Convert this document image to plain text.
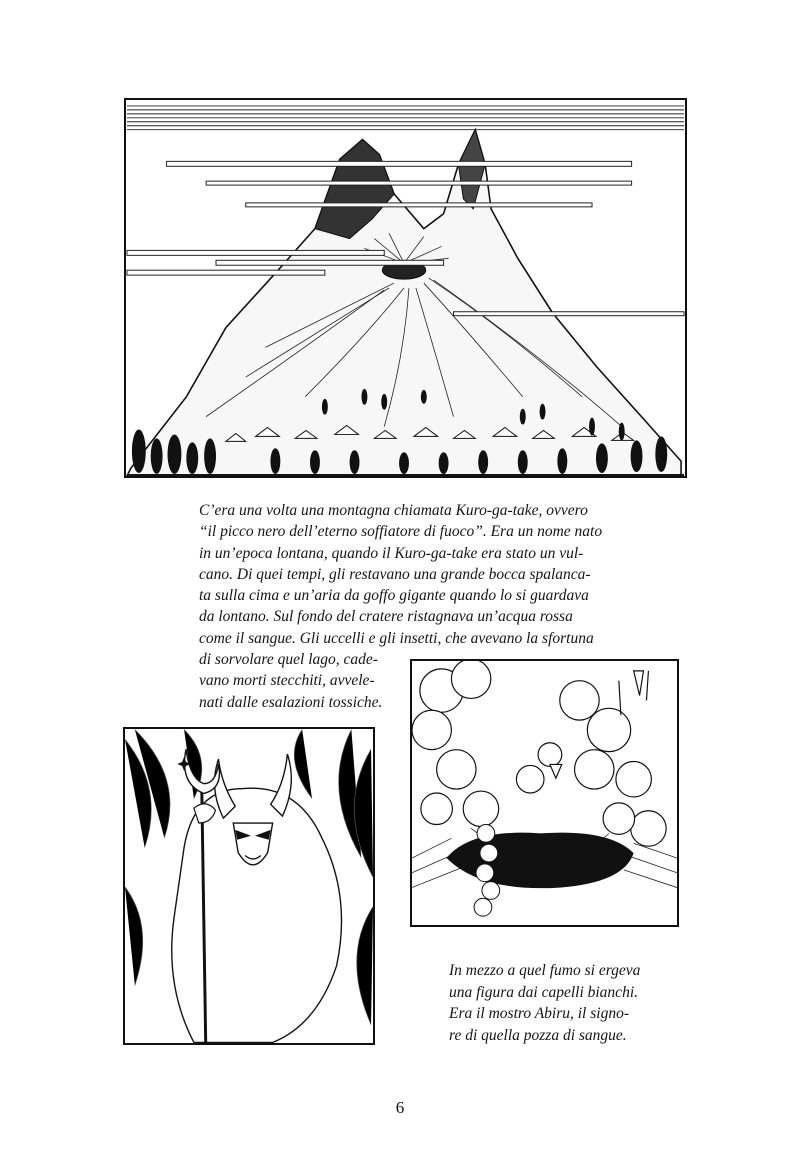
C’era una volta una montagna chiamata Kuro-ga-take, ovvero
“il picco nero dell’eterno soffiatore di fuoco”. Era un nome nato
in un’epoca lontana, quando il Kuro-ga-take era stato un vul-
cano. Di quei tempi, gli restavano una grande bocca spalanca-
ta sulla cima e un’aria da goffo gigante quando lo si guardava
da lontano. Sul fondo del cratere ristagnava un’acqua rossa
come il sangue. Gli uccelli e gli insetti, che avevano la sfortuna
di sorvolare quel lago, cade-
vano morti stecchiti, avvele-
nati dalle esalazioni tossiche.
In mezzo a quel fumo si ergeva
una figura dai capelli bianchi.
Era il mostro Abiru, il signo-
re di quella pozza di sangue.
6
